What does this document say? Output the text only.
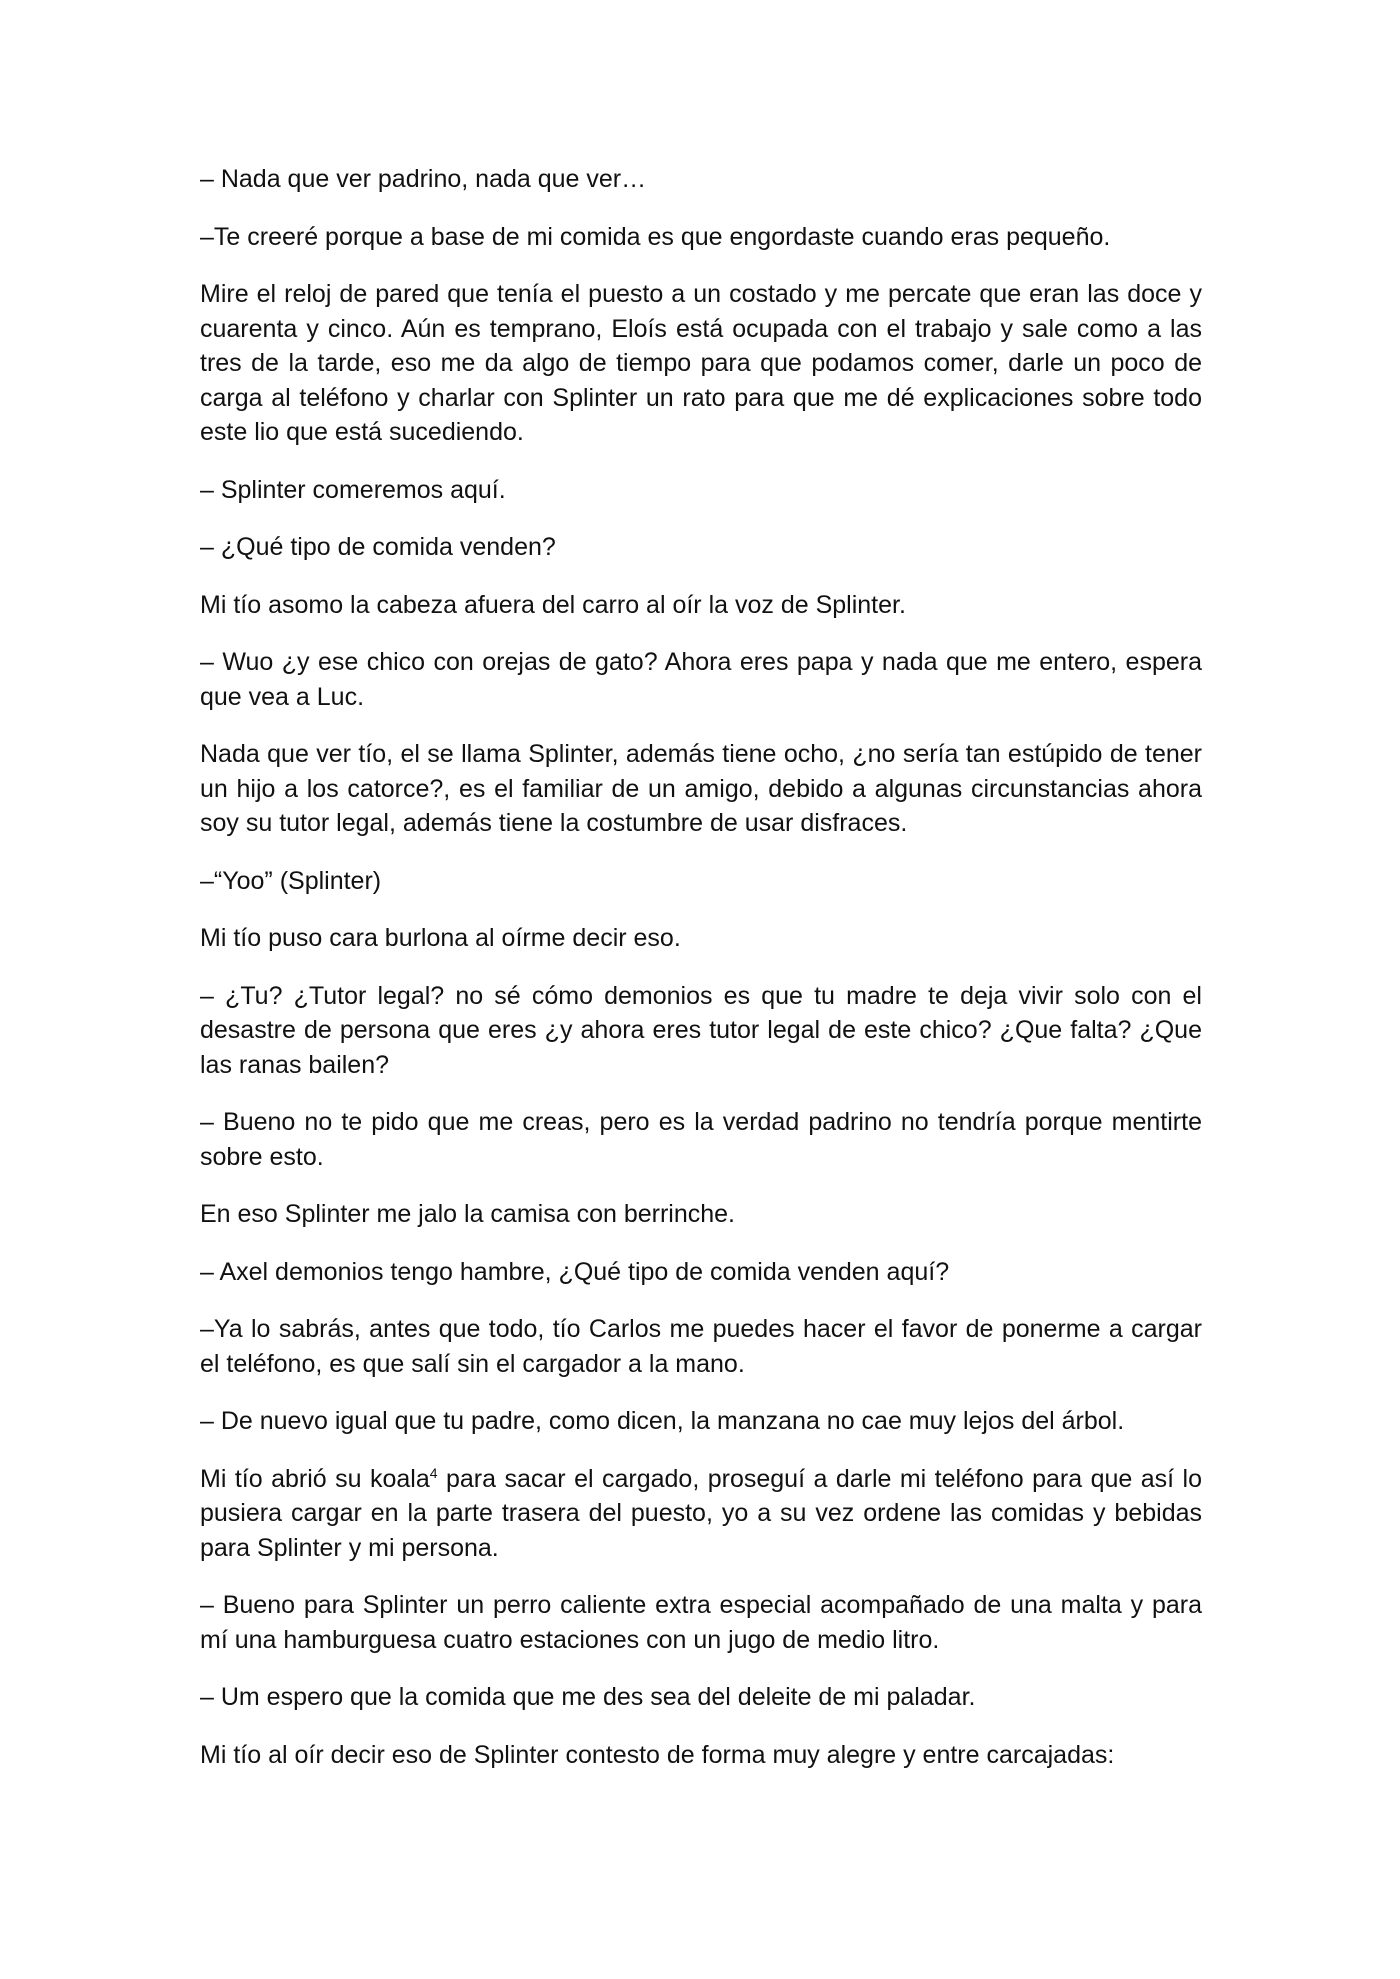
– Nada que ver padrino, nada que ver…

–Te creeré porque a base de mi comida es que engordaste cuando eras pequeño.

Mire el reloj de pared que tenía el puesto a un costado y me percate que eran las doce y cuarenta y cinco. Aún es temprano, Eloís está ocupada con el trabajo y sale como a las tres de la tarde, eso me da algo de tiempo para que podamos comer, darle un poco de carga al teléfono y charlar con Splinter un rato para que me dé explicaciones sobre todo este lio que está sucediendo.

– Splinter comeremos aquí.

– ¿Qué tipo de comida venden?

Mi tío asomo la cabeza afuera del carro al oír la voz de Splinter.

– Wuo ¿y ese chico con orejas de gato? Ahora eres papa y nada que me entero, espera que vea a Luc.

Nada que ver tío, el se llama Splinter, además tiene ocho, ¿no sería tan estúpido de tener un hijo a los catorce?, es el familiar de un amigo, debido a algunas circunstancias ahora soy su tutor legal, además tiene la costumbre de usar disfraces.

–“Yoo” (Splinter)

Mi tío puso cara burlona al oírme decir eso.

– ¿Tu? ¿Tutor legal? no sé cómo demonios es que tu madre te deja vivir solo con el desastre de persona que eres ¿y ahora eres tutor legal de este chico? ¿Que falta? ¿Que las ranas bailen?

– Bueno no te pido que me creas, pero es la verdad padrino no tendría porque mentirte sobre esto.

En eso Splinter me jalo la camisa con berrinche.

– Axel demonios tengo hambre, ¿Qué tipo de comida venden aquí?

–Ya lo sabrás, antes que todo, tío Carlos me puedes hacer el favor de ponerme a cargar el teléfono, es que salí sin el cargador a la mano.

– De nuevo igual que tu padre, como dicen, la manzana no cae muy lejos del árbol.

Mi tío abrió su koala$^4$ para sacar el cargado, proseguí a darle mi teléfono para que así lo pusiera cargar en la parte trasera del puesto, yo a su vez ordene las comidas y bebidas para Splinter y mi persona.

– Bueno para Splinter un perro caliente extra especial acompañado de una malta y para mí una hamburguesa cuatro estaciones con un jugo de medio litro.

– Um espero que la comida que me des sea del deleite de mi paladar.

Mi tío al oír decir eso de Splinter contesto de forma muy alegre y entre carcajadas:
